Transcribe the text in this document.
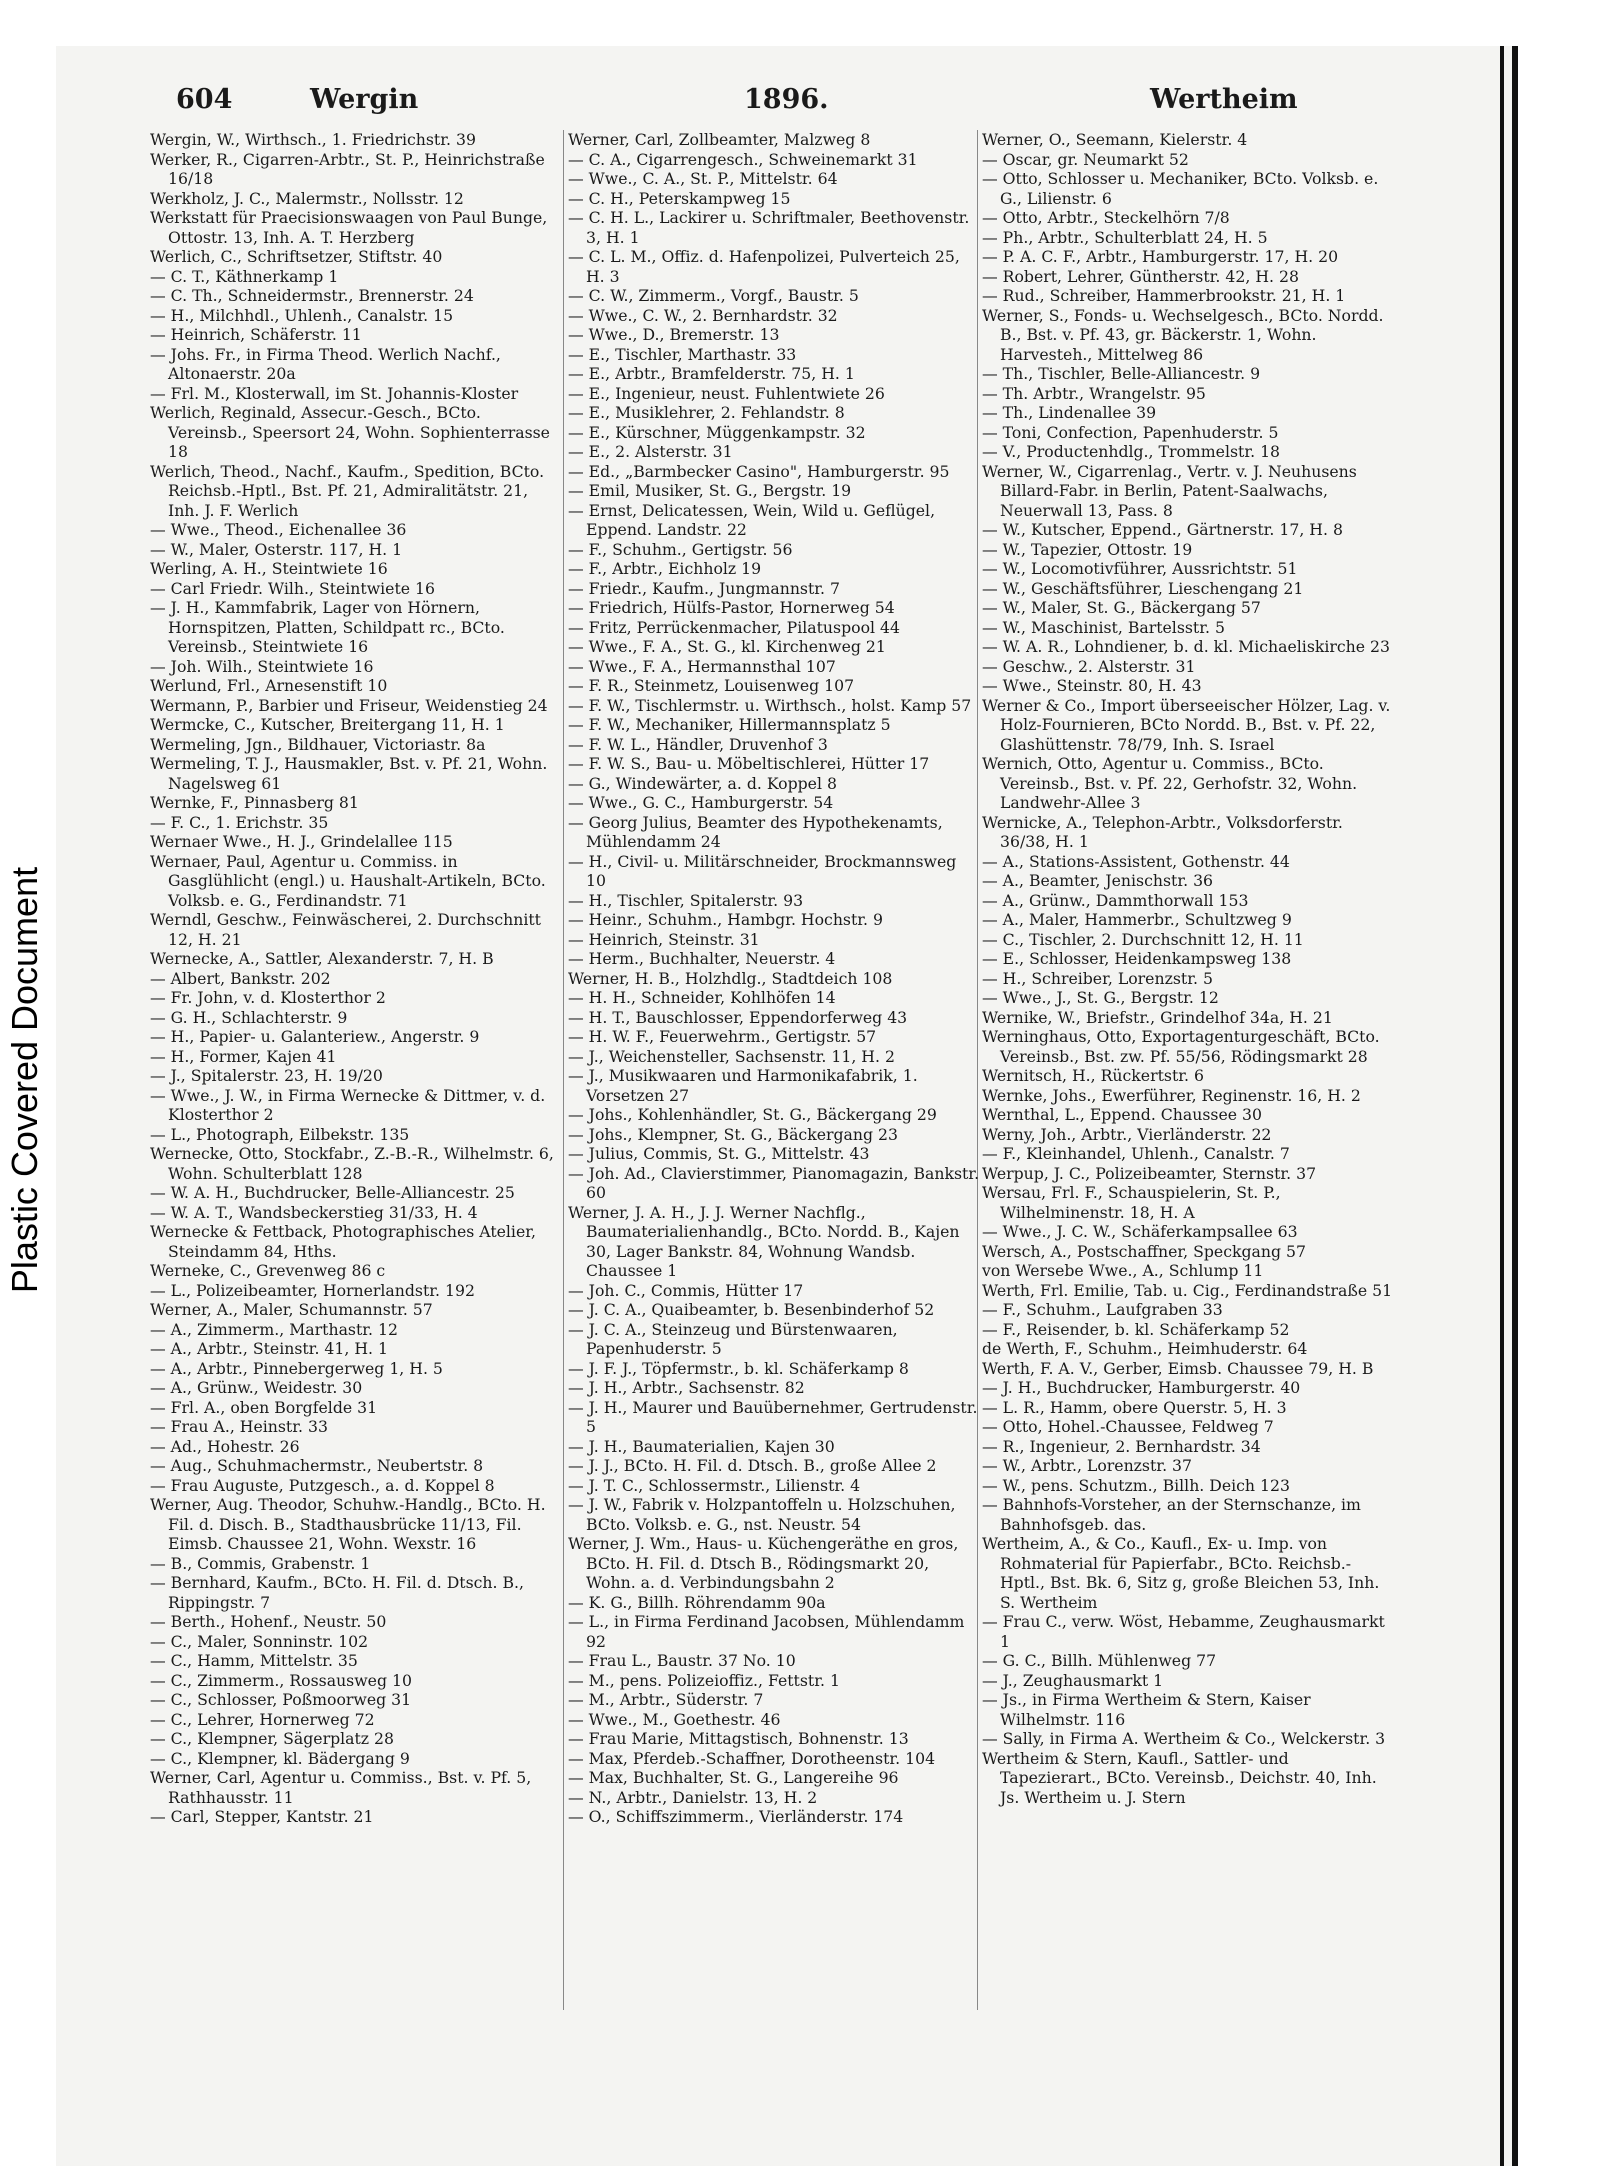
Plastic Covered Document
604	Wergin	1896.	Wertheim

Wergin, W., Wirthsch., 1. Friedrichstr. 39

Werker, R., Cigarren-Arbtr., St. P., Heinrichstraße 16/18

Werkholz, J. C., Malermstr., Nollsstr. 12

Werkstatt für Praecisionswaagen von Paul Bunge, Ottostr. 13, Inh. A. T. Herzberg

Werlich, C., Schriftsetzer, Stiftstr. 40

— C. T., Käthnerkamp 1

— C. Th., Schneidermstr., Brennerstr. 24

— H., Milchhdl., Uhlenh., Canalstr. 15

— Heinrich, Schäferstr. 11

— Johs. Fr., in Firma Theod. Werlich Nachf., Altonaerstr. 20a

— Frl. M., Klosterwall, im St. Johannis-Kloster

Werlich, Reginald, Assecur.-Gesch., BCto. Vereinsb., Speersort 24, Wohn. Sophienterrasse 18

Werlich, Theod., Nachf., Kaufm., Spedition, BCto. Reichsb.-Hptl., Bst. Pf. 21, Admiralitätstr. 21, Inh. J. F. Werlich

— Wwe., Theod., Eichenallee 36

— W., Maler, Osterstr. 117, H. 1

Werling, A. H., Steintwiete 16

— Carl Friedr. Wilh., Steintwiete 16

— J. H., Kammfabrik, Lager von Hörnern, Hornspitzen, Platten, Schildpatt rc., BCto. Vereinsb., Steintwiete 16

— Joh. Wilh., Steintwiete 16

Werlund, Frl., Arnesenstift 10

Wermann, P., Barbier und Friseur, Weidenstieg 24

Wermcke, C., Kutscher, Breitergang 11, H. 1

Wermeling, Jgn., Bildhauer, Victoriastr. 8a

Wermeling, T. J., Hausmakler, Bst. v. Pf. 21, Wohn. Nagelsweg 61

Wernke, F., Pinnasberg 81

— F. C., 1. Erichstr. 35

Wernaer Wwe., H. J., Grindelallee 115

Wernaer, Paul, Agentur u. Commiss. in Gasglühlicht (engl.) u. Haushalt-Artikeln, BCto. Volksb. e. G., Ferdinandstr. 71

Werndl, Geschw., Feinwäscherei, 2. Durchschnitt 12, H. 21

Wernecke, A., Sattler, Alexanderstr. 7, H. B

— Albert, Bankstr. 202

— Fr. John, v. d. Klosterthor 2

— G. H., Schlachterstr. 9

— H., Papier- u. Galanteriew., Angerstr. 9

— H., Former, Kajen 41

— J., Spitalerstr. 23, H. 19/20

— Wwe., J. W., in Firma Wernecke & Dittmer, v. d. Klosterthor 2

— L., Photograph, Eilbekstr. 135

Wernecke, Otto, Stockfabr., Z.-B.-R., Wilhelmstr. 6, Wohn. Schulterblatt 128

— W. A. H., Buchdrucker, Belle-Alliancestr. 25

— W. A. T., Wandsbeckerstieg 31/33, H. 4

Wernecke & Fettback, Photographisches Atelier, Steindamm 84, Hths.

Werneke, C., Grevenweg 86 c

— L., Polizeibeamter, Hornerlandstr. 192

Werner, A., Maler, Schumannstr. 57

— A., Zimmerm., Marthastr. 12

— A., Arbtr., Steinstr. 41, H. 1

— A., Arbtr., Pinnebergerweg 1, H. 5

— A., Grünw., Weidestr. 30

— Frl. A., oben Borgfelde 31

— Frau A., Heinstr. 33

— Ad., Hohestr. 26

— Aug., Schuhmachermstr., Neubertstr. 8

— Frau Auguste, Putzgesch., a. d. Koppel 8

Werner, Aug. Theodor, Schuhw.-Handlg., BCto. H. Fil. d. Disch. B., Stadthausbrücke 11/13, Fil. Eimsb. Chaussee 21, Wohn. Wexstr. 16

— B., Commis, Grabenstr. 1

— Bernhard, Kaufm., BCto. H. Fil. d. Dtsch. B., Rippingstr. 7

— Berth., Hohenf., Neustr. 50

— C., Maler, Sonninstr. 102

— C., Hamm, Mittelstr. 35

— C., Zimmerm., Rossausweg 10

— C., Schlosser, Poßmoorweg 31

— C., Lehrer, Hornerweg 72

— C., Klempner, Sägerplatz 28

— C., Klempner, kl. Bädergang 9

Werner, Carl, Agentur u. Commiss., Bst. v. Pf. 5, Rathhausstr. 11

— Carl, Stepper, Kantstr. 21

Werner, Carl, Zollbeamter, Malzweg 8

— C. A., Cigarrengesch., Schweinemarkt 31

— Wwe., C. A., St. P., Mittelstr. 64

— C. H., Peterskampweg 15

— C. H. L., Lackirer u. Schriftmaler, Beethovenstr. 3, H. 1

— C. L. M., Offiz. d. Hafenpolizei, Pulverteich 25, H. 3

— C. W., Zimmerm., Vorgf., Baustr. 5

— Wwe., C. W., 2. Bernhardstr. 32

— Wwe., D., Bremerstr. 13

— E., Tischler, Marthastr. 33

— E., Arbtr., Bramfelderstr. 75, H. 1

— E., Ingenieur, neust. Fuhlentwiete 26

— E., Musiklehrer, 2. Fehlandstr. 8

— E., Kürschner, Müggenkampstr. 32

— E., 2. Alsterstr. 31

— Ed., „Barmbecker Casino", Hamburgerstr. 95

— Emil, Musiker, St. G., Bergstr. 19

— Ernst, Delicatessen, Wein, Wild u. Geflügel, Eppend. Landstr. 22

— F., Schuhm., Gertigstr. 56

— F., Arbtr., Eichholz 19

— Friedr., Kaufm., Jungmannstr. 7

— Friedrich, Hülfs-Pastor, Hornerweg 54

— Fritz, Perrückenmacher, Pilatuspool 44

— Wwe., F. A., St. G., kl. Kirchenweg 21

— Wwe., F. A., Hermannsthal 107

— F. R., Steinmetz, Louisenweg 107

— F. W., Tischlermstr. u. Wirthsch., holst. Kamp 57

— F. W., Mechaniker, Hillermannsplatz 5

— F. W. L., Händler, Druvenhof 3

— F. W. S., Bau- u. Möbeltischlerei, Hütter 17

— G., Windewärter, a. d. Koppel 8

— Wwe., G. C., Hamburgerstr. 54

— Georg Julius, Beamter des Hypothekenamts, Mühlendamm 24

— H., Civil- u. Militärschneider, Brockmannsweg 10

— H., Tischler, Spitalerstr. 93

— Heinr., Schuhm., Hambgr. Hochstr. 9

— Heinrich, Steinstr. 31

— Herm., Buchhalter, Neuerstr. 4

Werner, H. B., Holzhdlg., Stadtdeich 108

— H. H., Schneider, Kohlhöfen 14

— H. T., Bauschlosser, Eppendorferweg 43

— H. W. F., Feuerwehrm., Gertigstr. 57

— J., Weichensteller, Sachsenstr. 11, H. 2

— J., Musikwaaren und Harmonikafabrik, 1. Vorsetzen 27

— Johs., Kohlenhändler, St. G., Bäckergang 29

— Johs., Klempner, St. G., Bäckergang 23

— Julius, Commis, St. G., Mittelstr. 43

— Joh. Ad., Clavierstimmer, Pianomagazin, Bankstr. 60

Werner, J. A. H., J. J. Werner Nachflg., Baumaterialienhandlg., BCto. Nordd. B., Kajen 30, Lager Bankstr. 84, Wohnung Wandsb. Chaussee 1

— Joh. C., Commis, Hütter 17

— J. C. A., Quaibeamter, b. Besenbinderhof 52

— J. C. A., Steinzeug und Bürstenwaaren, Papenhuderstr. 5

— J. F. J., Töpfermstr., b. kl. Schäferkamp 8

— J. H., Arbtr., Sachsenstr. 82

— J. H., Maurer und Bauübernehmer, Gertrudenstr. 5

— J. H., Baumaterialien, Kajen 30

— J. J., BCto. H. Fil. d. Dtsch. B., große Allee 2

— J. T. C., Schlossermstr., Lilienstr. 4

— J. W., Fabrik v. Holzpantoffeln u. Holzschuhen, BCto. Volksb. e. G., nst. Neustr. 54

Werner, J. Wm., Haus- u. Küchengeräthe en gros, BCto. H. Fil. d. Dtsch B., Rödingsmarkt 20, Wohn. a. d. Verbindungsbahn 2

— K. G., Billh. Röhrendamm 90a

— L., in Firma Ferdinand Jacobsen, Mühlendamm 92

— Frau L., Baustr. 37 No. 10

— M., pens. Polizeioffiz., Fettstr. 1

— M., Arbtr., Süderstr. 7

— Wwe., M., Goethestr. 46

— Frau Marie, Mittagstisch, Bohnenstr. 13

— Max, Pferdeb.-Schaffner, Dorotheenstr. 104

— Max, Buchhalter, St. G., Langereihe 96

— N., Arbtr., Danielstr. 13, H. 2

— O., Schiffszimmerm., Vierländerstr. 174

Werner, O., Seemann, Kielerstr. 4

— Oscar, gr. Neumarkt 52

— Otto, Schlosser u. Mechaniker, BCto. Volksb. e. G., Lilienstr. 6

— Otto, Arbtr., Steckelhörn 7/8

— Ph., Arbtr., Schulterblatt 24, H. 5

— P. A. C. F., Arbtr., Hamburgerstr. 17, H. 20

— Robert, Lehrer, Güntherstr. 42, H. 28

— Rud., Schreiber, Hammerbrookstr. 21, H. 1

Werner, S., Fonds- u. Wechselgesch., BCto. Nordd. B., Bst. v. Pf. 43, gr. Bäckerstr. 1, Wohn. Harvesteh., Mittelweg 86

— Th., Tischler, Belle-Alliancestr. 9

— Th. Arbtr., Wrangelstr. 95

— Th., Lindenallee 39

— Toni, Confection, Papenhuderstr. 5

— V., Productenhdlg., Trommelstr. 18

Werner, W., Cigarrenlag., Vertr. v. J. Neuhusens Billard-Fabr. in Berlin, Patent-Saalwachs, Neuerwall 13, Pass. 8

— W., Kutscher, Eppend., Gärtnerstr. 17, H. 8

— W., Tapezier, Ottostr. 19

— W., Locomotivführer, Aussrichtstr. 51

— W., Geschäftsführer, Lieschengang 21

— W., Maler, St. G., Bäckergang 57

— W., Maschinist, Bartelsstr. 5

— W. A. R., Lohndiener, b. d. kl. Michaeliskirche 23

— Geschw., 2. Alsterstr. 31

— Wwe., Steinstr. 80, H. 43

Werner & Co., Import überseeischer Hölzer, Lag. v. Holz-Fournieren, BCto Nordd. B., Bst. v. Pf. 22, Glashüttenstr. 78/79, Inh. S. Israel

Wernich, Otto, Agentur u. Commiss., BCto. Vereinsb., Bst. v. Pf. 22, Gerhofstr. 32, Wohn. Landwehr-Allee 3

Wernicke, A., Telephon-Arbtr., Volksdorferstr. 36/38, H. 1

— A., Stations-Assistent, Gothenstr. 44

— A., Beamter, Jenischstr. 36

— A., Grünw., Dammthorwall 153

— A., Maler, Hammerbr., Schultzweg 9

— C., Tischler, 2. Durchschnitt 12, H. 11

— E., Schlosser, Heidenkampsweg 138

— H., Schreiber, Lorenzstr. 5

— Wwe., J., St. G., Bergstr. 12

Wernike, W., Briefstr., Grindelhof 34a, H. 21

Werninghaus, Otto, Exportagenturgeschäft, BCto. Vereinsb., Bst. zw. Pf. 55/56, Rödingsmarkt 28

Wernitsch, H., Rückertstr. 6

Wernke, Johs., Ewerführer, Reginenstr. 16, H. 2

Wernthal, L., Eppend. Chaussee 30

Werny, Joh., Arbtr., Vierländerstr. 22

— F., Kleinhandel, Uhlenh., Canalstr. 7

Werpup, J. C., Polizeibeamter, Sternstr. 37

Wersau, Frl. F., Schauspielerin, St. P., Wilhelminenstr. 18, H. A

— Wwe., J. C. W., Schäferkampsallee 63

Wersch, A., Postschaffner, Speckgang 57

von Wersebe Wwe., A., Schlump 11

Werth, Frl. Emilie, Tab. u. Cig., Ferdinandstraße 51

— F., Schuhm., Laufgraben 33

— F., Reisender, b. kl. Schäferkamp 52

de Werth, F., Schuhm., Heimhuderstr. 64

Werth, F. A. V., Gerber, Eimsb. Chaussee 79, H. B

— J. H., Buchdrucker, Hamburgerstr. 40

— L. R., Hamm, obere Querstr. 5, H. 3

— Otto, Hohel.-Chaussee, Feldweg 7

— R., Ingenieur, 2. Bernhardstr. 34

— W., Arbtr., Lorenzstr. 37

— W., pens. Schutzm., Billh. Deich 123

— Bahnhofs-Vorsteher, an der Sternschanze, im Bahnhofsgeb. das.

Wertheim, A., & Co., Kaufl., Ex- u. Imp. von Rohmaterial für Papierfabr., BCto. Reichsb.-Hptl., Bst. Bk. 6, Sitz g, große Bleichen 53, Inh. S. Wertheim

— Frau C., verw. Wöst, Hebamme, Zeughausmarkt 1

— G. C., Billh. Mühlenweg 77

— J., Zeughausmarkt 1

— Js., in Firma Wertheim & Stern, Kaiser Wilhelmstr. 116

— Sally, in Firma A. Wertheim & Co., Welckerstr. 3

Wertheim & Stern, Kaufl., Sattler- und Tapezierart., BCto. Vereinsb., Deichstr. 40, Inh. Js. Wertheim u. J. Stern
